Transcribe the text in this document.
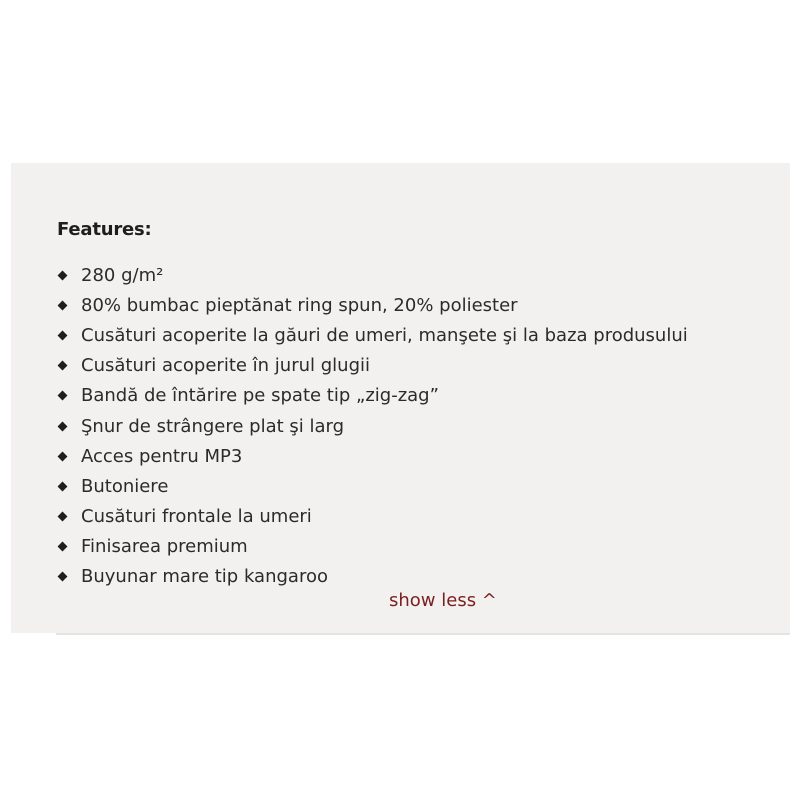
Features:
280 g/m²
80% bumbac pieptănat ring spun, 20% poliester
Cusături acoperite la găuri de umeri, manşete şi la baza produsului
Cusături acoperite în jurul glugii
Bandă de întărire pe spate tip „zig-zag”
Şnur de strângere plat şi larg
Acces pentru MP3
Butoniere
Cusături frontale la umeri
Finisarea premium
Buyunar mare tip kangaroo
show less ^
